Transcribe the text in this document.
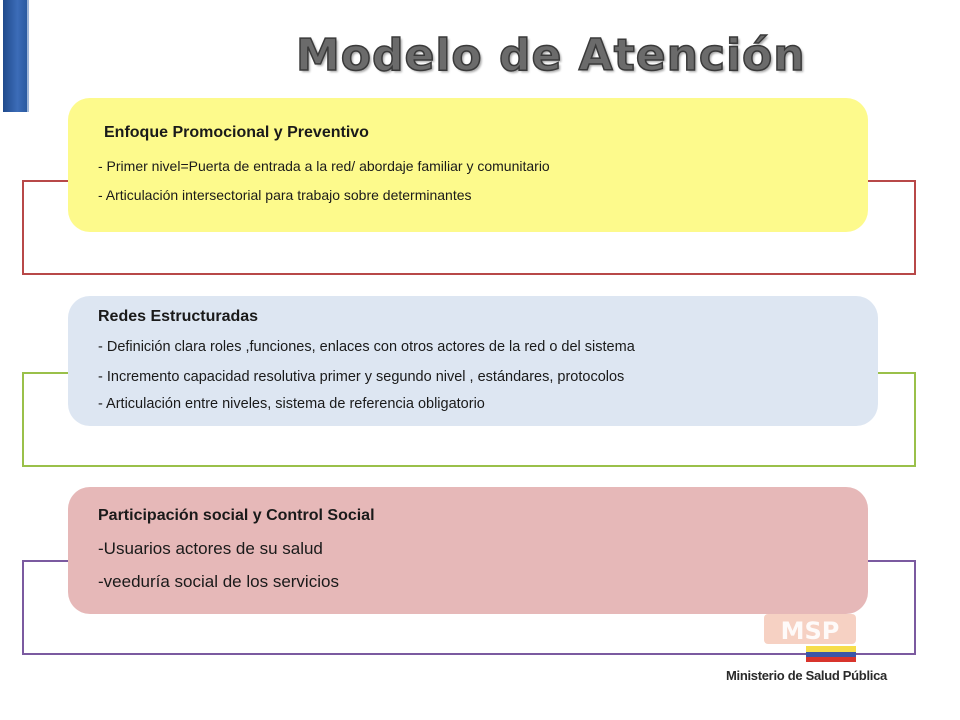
Modelo de Atención

Enfoque Promocional y Preventivo

- Primer nivel=Puerta de entrada a la red/ abordaje familiar y comunitario

- Articulación intersectorial para trabajo sobre determinantes

Redes Estructuradas

- Definición clara roles ,funciones, enlaces con otros actores de la red o del sistema

- Incremento capacidad resolutiva primer y segundo nivel , estándares, protocolos

- Articulación entre niveles, sistema de referencia obligatorio

Participación social y Control Social

-Usuarios actores de su salud

-veeduría social de los servicios

MSP
Ministerio de Salud Pública
